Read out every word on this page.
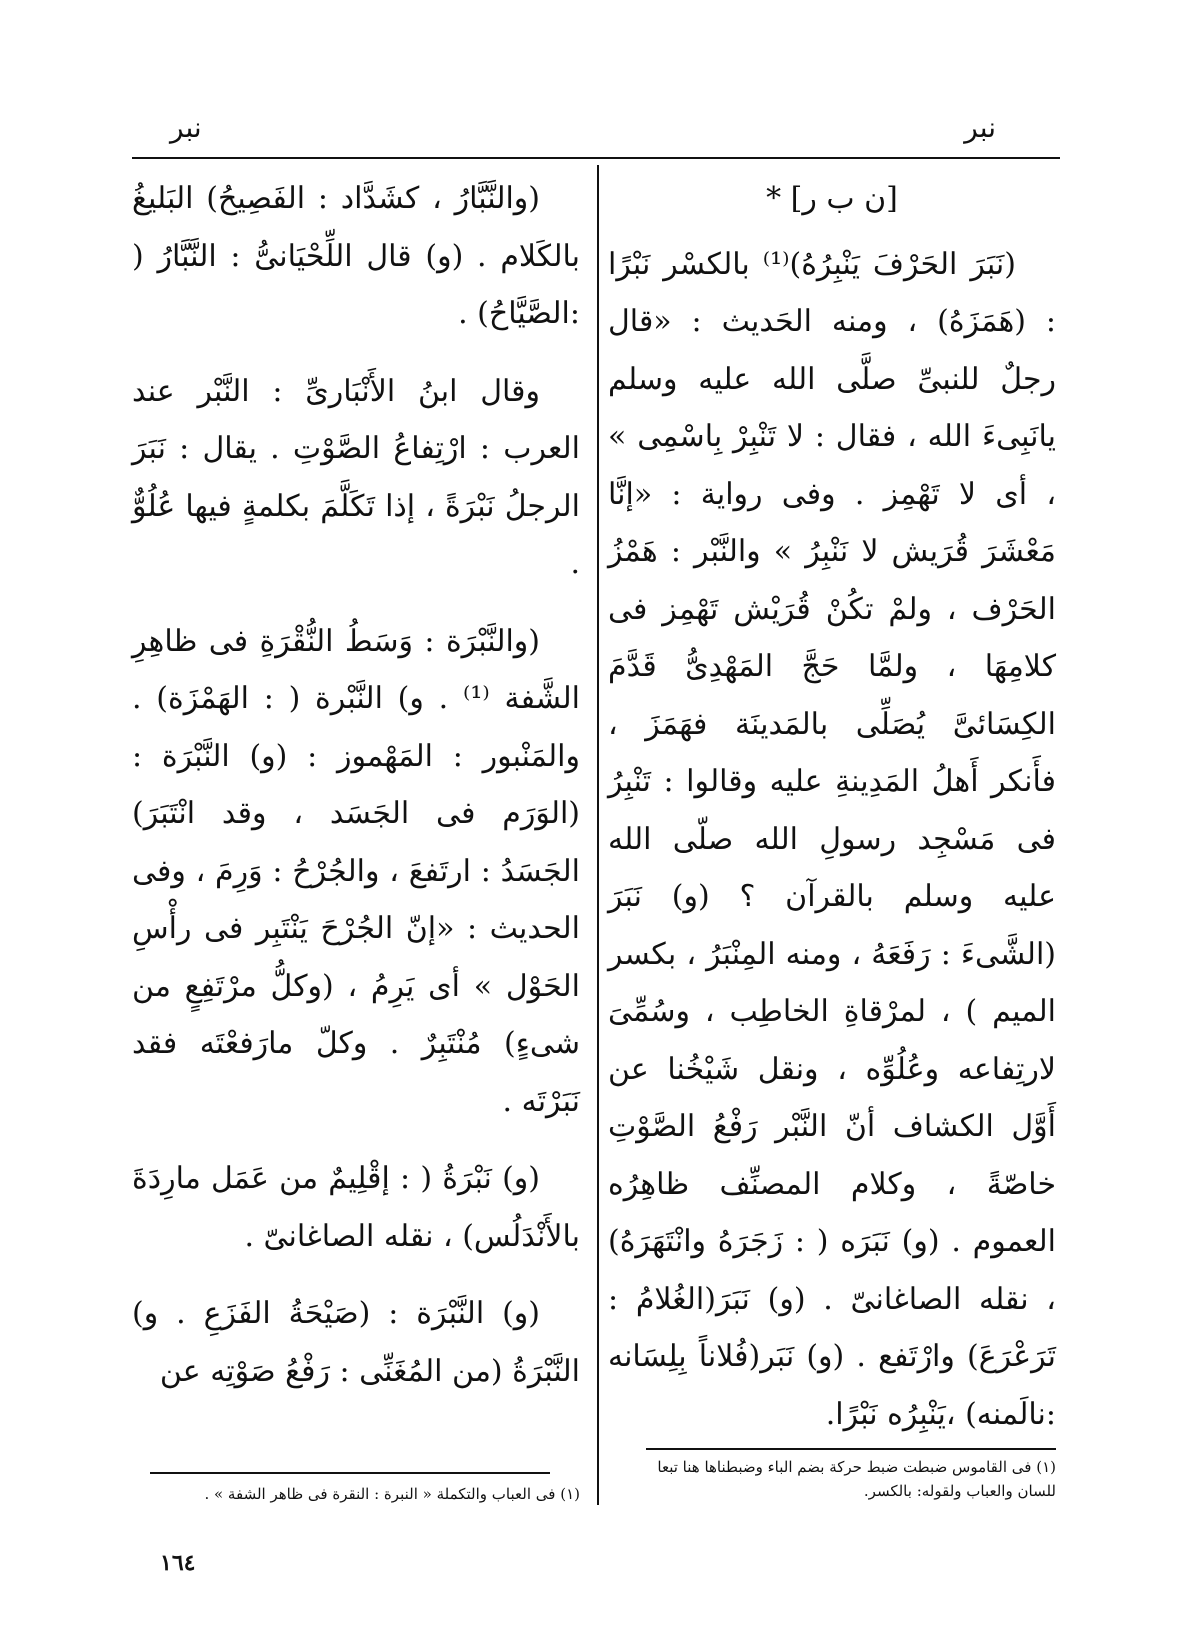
نبر
نبر

[ن ب ر] *

(نَبَرَ الحَرْفَ يَنْبِرُهُ)⁽¹⁾ بالكسْر نَبْرًا : (هَمَزَهُ) ، ومنه الحَديث : «قال رجلٌ للنبىِّ صلَّى الله عليه وسلم يانَبِىءَ الله ، فقال : لا تَنْبِرْ بِاسْمِى » ، أى لا تَهْمِز . وفى رواية : «إنَّا مَعْشَرَ قُرَيش لا نَنْبِرُ » والنَّبْر : هَمْزُ الحَرْف ، ولمْ تكُنْ قُرَيْش تَهْمِز فى كلامِهَا ، ولمَّا حَجَّ المَهْدِىُّ قَدَّمَ الكِسَائىَّ يُصَلِّى بالمَدينَة فهَمَزَ ، فأَنكر أَهلُ المَدِينةِ عليه وقالوا : تَنْبِرُ فى مَسْجِد رسولِ الله صلّى الله عليه وسلم بالقرآن ؟ (و) نَبَرَ (الشَّىءَ : رَفَعَهُ ، ومنه المِنْبَرُ ، بكسر الميم ) ، لمرْقاةِ الخاطِب ، وسُمِّىَ لارتِفاعه وعُلُوِّه ، ونقل شَيْخُنا عن أَوَّل الكشاف أنّ النَّبْر رَفْعُ الصَّوْتِ خاصّةً ، وكلام المصنِّف ظاهِرُه العموم . (و) نَبَرَه ( : زَجَرَهُ وانْتَهَرَهُ) ، نقله الصاغانىّ . (و) نَبَرَ(الغُلامُ : تَرَعْرَعَ) وارْتَفع . (و) نَبَر(فُلاناً بِلِسَانه :نالَمنه) ،يَنْبِرُه نَبْرًا.

(والنَّبَّارُ ، كشَدَّاد : الفَصِيحُ) البَليغُ بالكَلام . (و) قال اللِّحْيَانىُّ : النَّبَّارُ ( :الصَّيَّاحُ) .

وقال ابنُ الأَنْبَارىِّ : النَّبْر عند العرب : ارْتِفاعُ الصَّوْتِ . يقال : نَبَرَ الرجلُ نَبْرَةً ، إذا تَكَلَّمَ بكلمةٍ فيها عُلُوٌّ .

(والنَّبْرَة : وَسَطُ النُّقْرَةِ فى ظاهِرِ الشَّفة ⁽¹⁾ . و) النَّبْرة ( : الهَمْزَة) . والمَنْبور : المَهْموز : (و) النَّبْرَة : (الوَرَم فى الجَسَد ، وقد انْتَبَرَ) الجَسَدُ : ارتَفعَ ، والجُرْحُ : وَرِمَ ، وفى الحديث : «إنّ الجُرْحَ يَنْتَبِر فى رأْسِ الحَوْل » أى يَرِمُ ، (وكلُّ مرْتَفِعٍ من شىءٍ) مُنْتَبِرٌ . وكلّ مارَفعْتَه فقد نَبَرْتَه .

(و) نَبْرَةُ ( : إقْلِيمٌ من عَمَل مارِدَةَ بالأَنْدَلُس) ، نقله الصاغانىّ .

(و) النَّبْرَة : (صَيْحَةُ الفَزَعِ . و) النَّبْرَةُ (من المُغَنِّى : رَفْعُ صَوْتِه عن

(١) فى القاموس ضبطت ضبط حركة بضم الباء وضبطناها هنا تبعا للسان والعباب ولقوله: بالكسر.
(١) فى العباب والتكملة « النبرة : النقرة فى ظاهر الشفة » .
١٦٤
